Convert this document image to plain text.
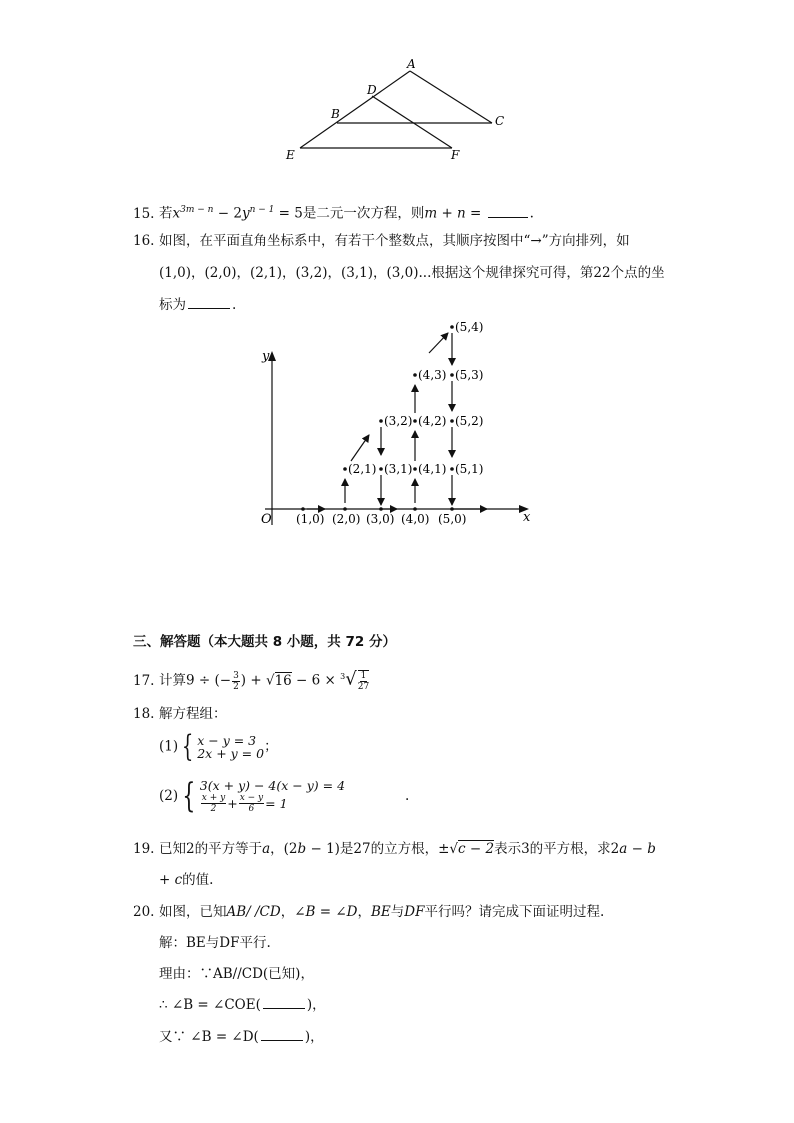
A
D
B	C
E	F
15. 若$x^{3m - n} - 2y^{n - 1} = 5$是二元一次方程，则m + n =	.
16. 如图，在平面直角坐标系中，有若干个整数点，其顺序按图中“→”方向排列，如
(1,0)，(2,0)，(2,1)，(3,2)，(3,1)，(3,0)...根据这个规律探究可得，第22个点的坐
标为	.
y
x
O (1,0) (2,0) (3,0) (4,0) (5,0)
(2,1) (3,1) (4,1) (5,1)
(3,2) (4,2) (5,2)
(4,3) (5,3)
(5,4)
三、解答题（本大题共 8 小题，共 72 分）
17. 计算9 ÷ (− $\frac{3}{2}$ ) + $√16 - 6 \times ^3√ \frac{1}{27}$
18. 解方程组：
(1) { x − y = 3
2x + y = 0 ；
(2) { 3(x + y) − 4(x − y) = 4
$\frac{x + y}{2} + \frac{x - y}{6} = 1$	.
19. 已知2的平方等于a，(2b − 1)是27的立方根，±√c − 2表示3的平方根，求2a − b
+ c的值.
20. 如图，已知AB/ /CD，∠B = ∠D，BE与DF平行吗？请完成下面证明过程.
解：BE与DF平行.
理由：∵AB//CD(已知)，
∴ ∠B = ∠COE(	)，
又∵ ∠B = ∠D(	)，
